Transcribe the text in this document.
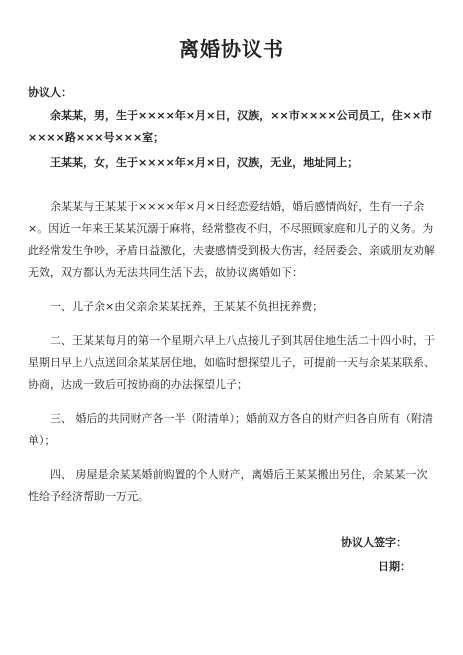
离婚协议书
协议人：
余某某，男，生于××××年×月×日，汉族，××市××××公司员工，住××市××××路×××号×××室；
王某某，女，生于××××年×月×日，汉族，无业，地址同上；
余某某与王某某于××××年×月×日经恋爱结婚，婚后感情尚好，生有一子余×。因近一年来王某某沉溺于麻将，经常整夜不归，不尽照顾家庭和儿子的义务。为此经常发生争吵，矛盾日益激化，夫妻感情受到极大伤害，经居委会、亲戚朋友劝解无效，双方都认为无法共同生活下去，故协议离婚如下：
一、儿子余×由父亲余某某抚养，王某某不负担抚养费；
二、王某某每月的第一个星期六早上八点接儿子到其居住地生活二十四小时，于星期日早上八点送回余某某居住地，如临时想探望儿子，可提前一天与余某某联系、协商，达成一致后可按协商的办法探望儿子；
三、 婚后的共同财产各一半（附清单）；婚前双方各自的财产归各自所有（附清单）；
四、 房屋是余某某婚前购置的个人财产，离婚后王某某搬出另住，余某某一次性给予经济帮助一万元。
协议人签字：
日期：
